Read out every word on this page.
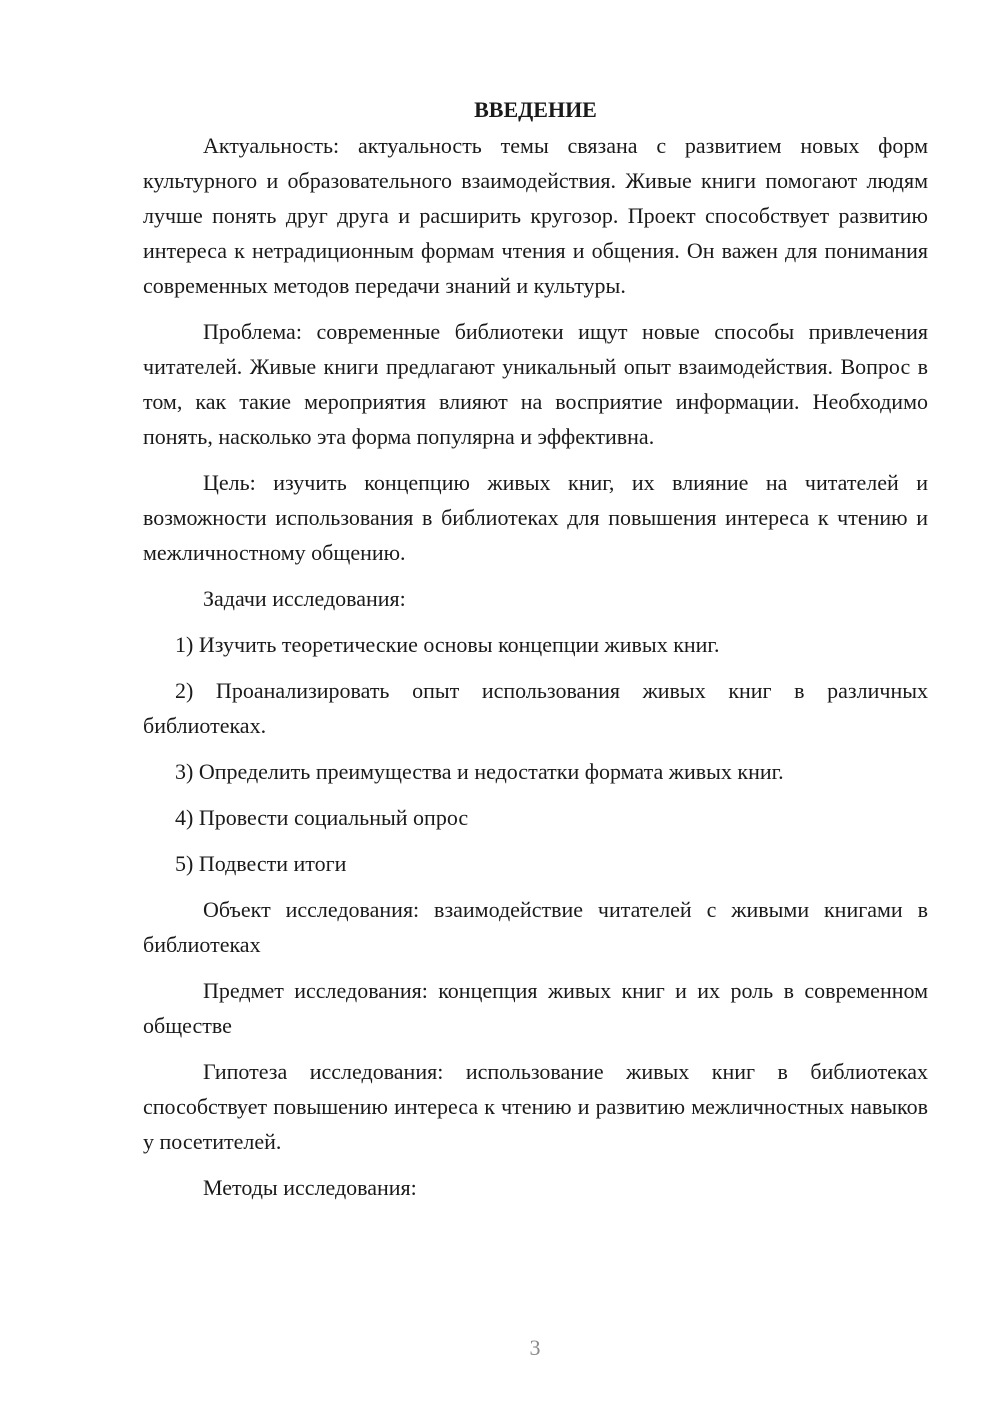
ВВЕДЕНИЕ

Актуальность: актуальность темы связана с развитием новых форм культурного и образовательного взаимодействия. Живые книги помогают людям лучше понять друг друга и расширить кругозор. Проект способствует развитию интереса к нетрадиционным формам чтения и общения. Он важен для понимания современных методов передачи знаний и культуры.

Проблема: современные библиотеки ищут новые способы привлечения читателей. Живые книги предлагают уникальный опыт взаимодействия. Вопрос в том, как такие мероприятия влияют на восприятие информации. Необходимо понять, насколько эта форма популярна и эффективна.

Цель: изучить концепцию живых книг, их влияние на читателей и возможности использования в библиотеках для повышения интереса к чтению и межличностному общению.

Задачи исследования:

1) Изучить теоретические основы концепции живых книг.

2) Проанализировать опыт использования живых книг в различных библиотеках.

3) Определить преимущества и недостатки формата живых книг.

4) Провести социальный опрос

5) Подвести итоги

Объект исследования: взаимодействие читателей с живыми книгами в библиотеках

Предмет исследования: концепция живых книг и их роль в современном обществе

Гипотеза исследования: использование живых книг в библиотеках способствует повышению интереса к чтению и развитию межличностных навыков у посетителей.

Методы исследования:

3
